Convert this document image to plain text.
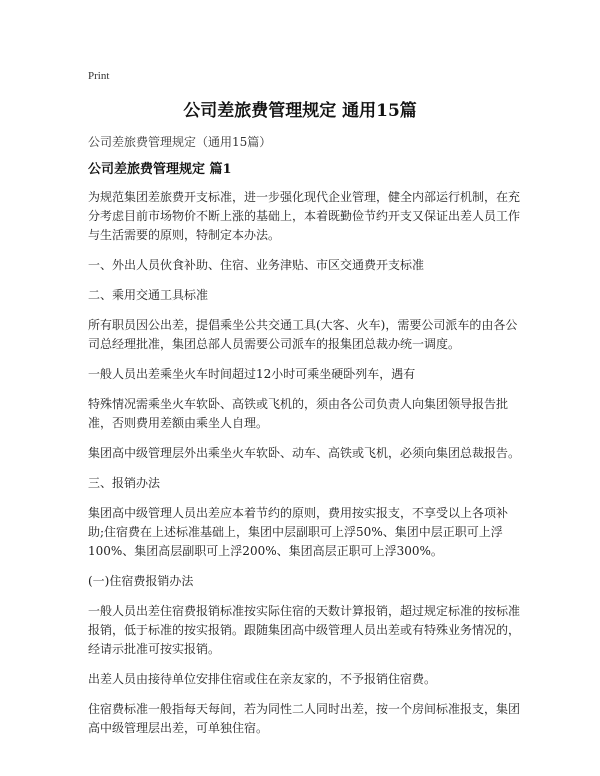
Print
公司差旅费管理规定 通用15篇
公司差旅费管理规定（通用15篇）
公司差旅费管理规定 篇1

为规范集团差旅费开支标准，进一步强化现代企业管理，健全内部运行机制，在充分考虑目前市场物价不断上涨的基础上，本着既勤俭节约开支又保证出差人员工作与生活需要的原则，特制定本办法。

一、外出人员伙食补助、住宿、业务津贴、市区交通费开支标准

二、乘用交通工具标准

所有职员因公出差，提倡乘坐公共交通工具(大客、火车)，需要公司派车的由各公司总经理批准，集团总部人员需要公司派车的报集团总裁办统一调度。

一般人员出差乘坐火车时间超过12小时可乘坐硬卧列车，遇有

特殊情况需乘坐火车软卧、高铁或飞机的，须由各公司负责人向集团领导报告批准，否则费用差额由乘坐人自理。

集团高中级管理层外出乘坐火车软卧、动车、高铁或飞机，必须向集团总裁报告。

三、报销办法

集团高中级管理人员出差应本着节约的原则，费用按实报支，不享受以上各项补助;住宿费在上述标准基础上，集团中层副职可上浮50%、集团中层正职可上浮100%、集团高层副职可上浮200%、集团高层正职可上浮300%。

(一)住宿费报销办法

一般人员出差住宿费报销标准按实际住宿的天数计算报销，超过规定标准的按标准报销，低于标准的按实报销。跟随集团高中级管理人员出差或有特殊业务情况的，经请示批准可按实报销。

出差人员由接待单位安排住宿或住在亲友家的，不予报销住宿费。

住宿费标准一般指每天每间，若为同性二人同时出差，按一个房间标准报支，集团高中级管理层出差，可单独住宿。
